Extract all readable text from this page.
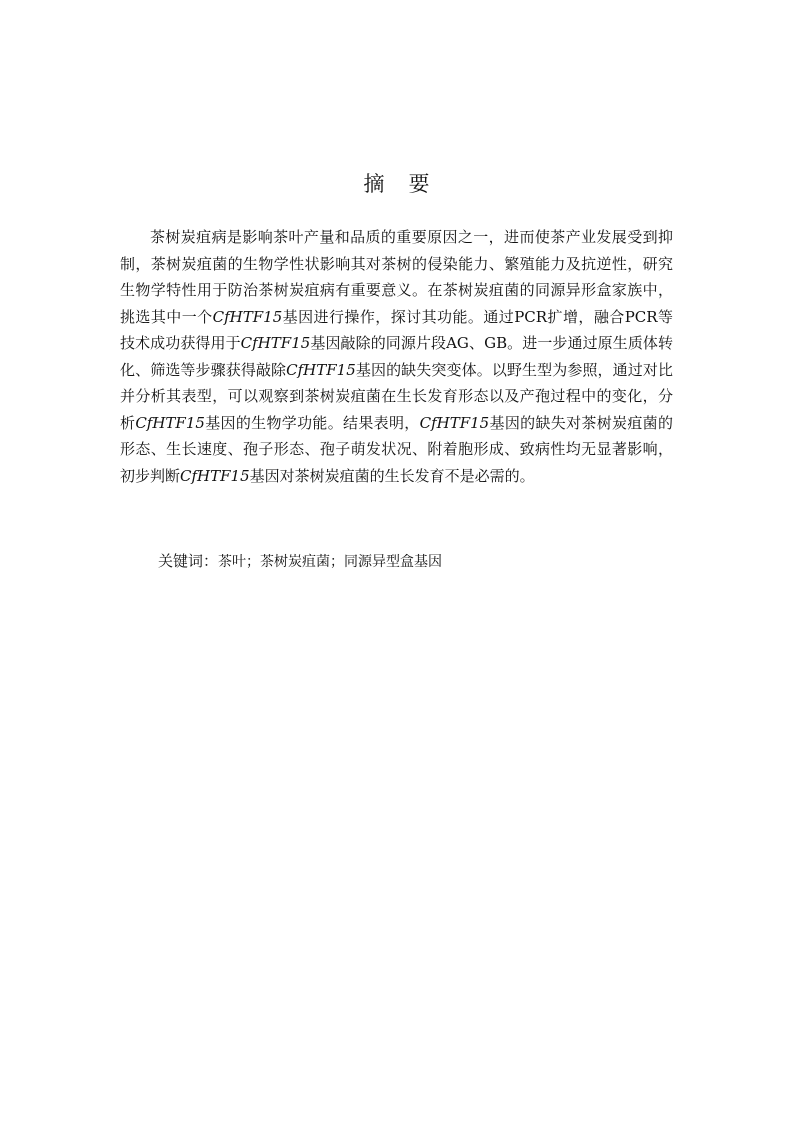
摘要

茶树炭疽病是影响茶叶产量和品质的重要原因之一，进而使茶产业发展受到抑制，茶树炭疽菌的生物学性状影响其对茶树的侵染能力、繁殖能力及抗逆性，研究生物学特性用于防治茶树炭疽病有重要意义。在茶树炭疽菌的同源异形盒家族中，挑选其中一个CfHTF15基因进行操作，探讨其功能。通过PCR扩增，融合PCR等技术成功获得用于CfHTF15基因敲除的同源片段AG、GB。进一步通过原生质体转化、筛选等步骤获得敲除CfHTF15基因的缺失突变体。以野生型为参照，通过对比并分析其表型，可以观察到茶树炭疽菌在生长发育形态以及产孢过程中的变化，分析CfHTF15基因的生物学功能。结果表明，CfHTF15基因的缺失对茶树炭疽菌的形态、生长速度、孢子形态、孢子萌发状况、附着胞形成、致病性均无显著影响，初步判断CfHTF15基因对茶树炭疽菌的生长发育不是必需的。

关键词：茶叶；茶树炭疽菌；同源异型盒基因
